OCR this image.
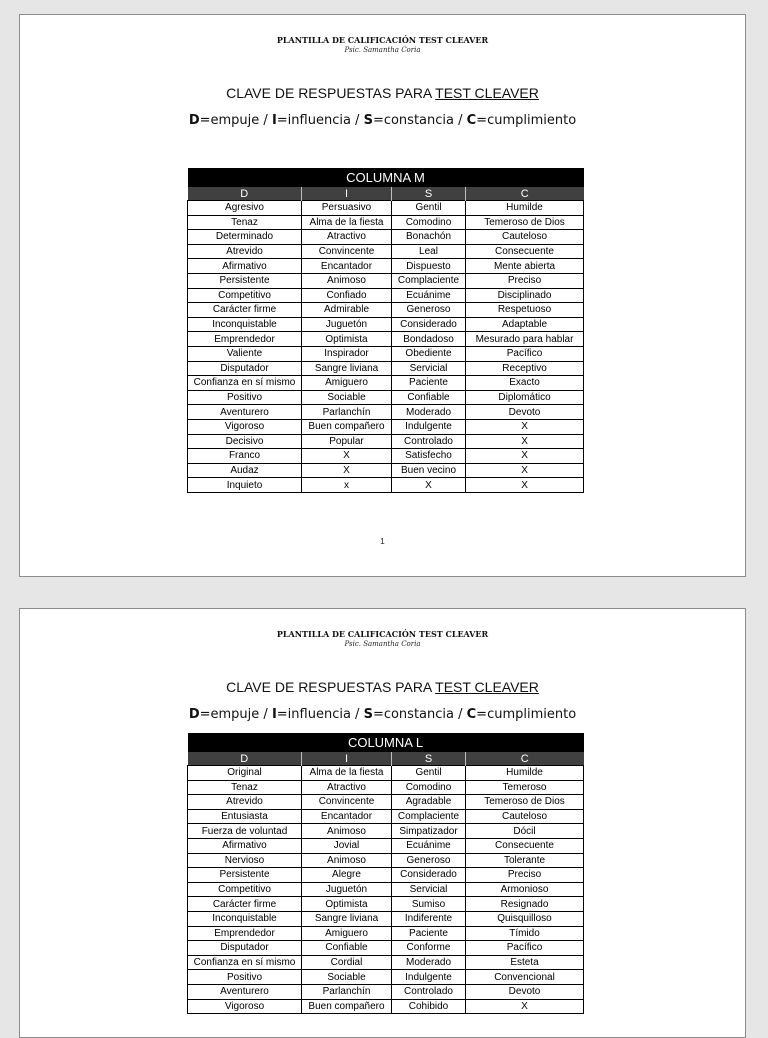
PLANTILLA DE CALIFICACIÓN TEST CLEAVER
Psic. Samantha Coria
CLAVE DE RESPUESTAS PARA TEST CLEAVER
D=empuje / I=influencia / S=constancia / C=cumplimiento
COLUMNA M			
D	I	S	C
Agresivo	Persuasivo	Gentil	Humilde
Tenaz	Alma de la fiesta	Comodino	Temeroso de Dios
Determinado	Atractivo	Bonachón	Cauteloso
Atrevido	Convincente	Leal	Consecuente
Afirmativo	Encantador	Dispuesto	Mente abierta
Persistente	Animoso	Complaciente	Preciso
Competitivo	Confiado	Ecuánime	Disciplinado
Carácter firme	Admirable	Generoso	Respetuoso
Inconquistable	Juguetón	Considerado	Adaptable
Emprendedor	Optimista	Bondadoso	Mesurado para hablar
Valiente	Inspirador	Obediente	Pacífico
Disputador	Sangre liviana	Servicial	Receptivo
Confianza en sí mismo	Amiguero	Paciente	Exacto
Positivo	Sociable	Confiable	Diplomático
Aventurero	Parlanchín	Moderado	Devoto
Vigoroso	Buen compañero	Indulgente	X
Decisivo	Popular	Controlado	X
Franco	X	Satisfecho	X
Audaz	X	Buen vecino	X
Inquieto	x	X	X
1
PLANTILLA DE CALIFICACIÓN TEST CLEAVER
Psic. Samantha Coria
CLAVE DE RESPUESTAS PARA TEST CLEAVER
D=empuje / I=influencia / S=constancia / C=cumplimiento
COLUMNA L			
D	I	S	C
Original	Alma de la fiesta	Gentil	Humilde
Tenaz	Atractivo	Comodino	Temeroso
Atrevido	Convincente	Agradable	Temeroso de Dios
Entusiasta	Encantador	Complaciente	Cauteloso
Fuerza de voluntad	Animoso	Simpatizador	Dócil
Afirmativo	Jovial	Ecuánime	Consecuente
Nervioso	Animoso	Generoso	Tolerante
Persistente	Alegre	Considerado	Preciso
Competitivo	Juguetón	Servicial	Armonioso
Carácter firme	Optimista	Sumiso	Resignado
Inconquistable	Sangre liviana	Indiferente	Quisquilloso
Emprendedor	Amiguero	Paciente	Tímido
Disputador	Confiable	Conforme	Pacífico
Confianza en sí mismo	Cordial	Moderado	Esteta
Positivo	Sociable	Indulgente	Convencional
Aventurero	Parlanchín	Controlado	Devoto
Vigoroso	Buen compañero	Cohibido	X
